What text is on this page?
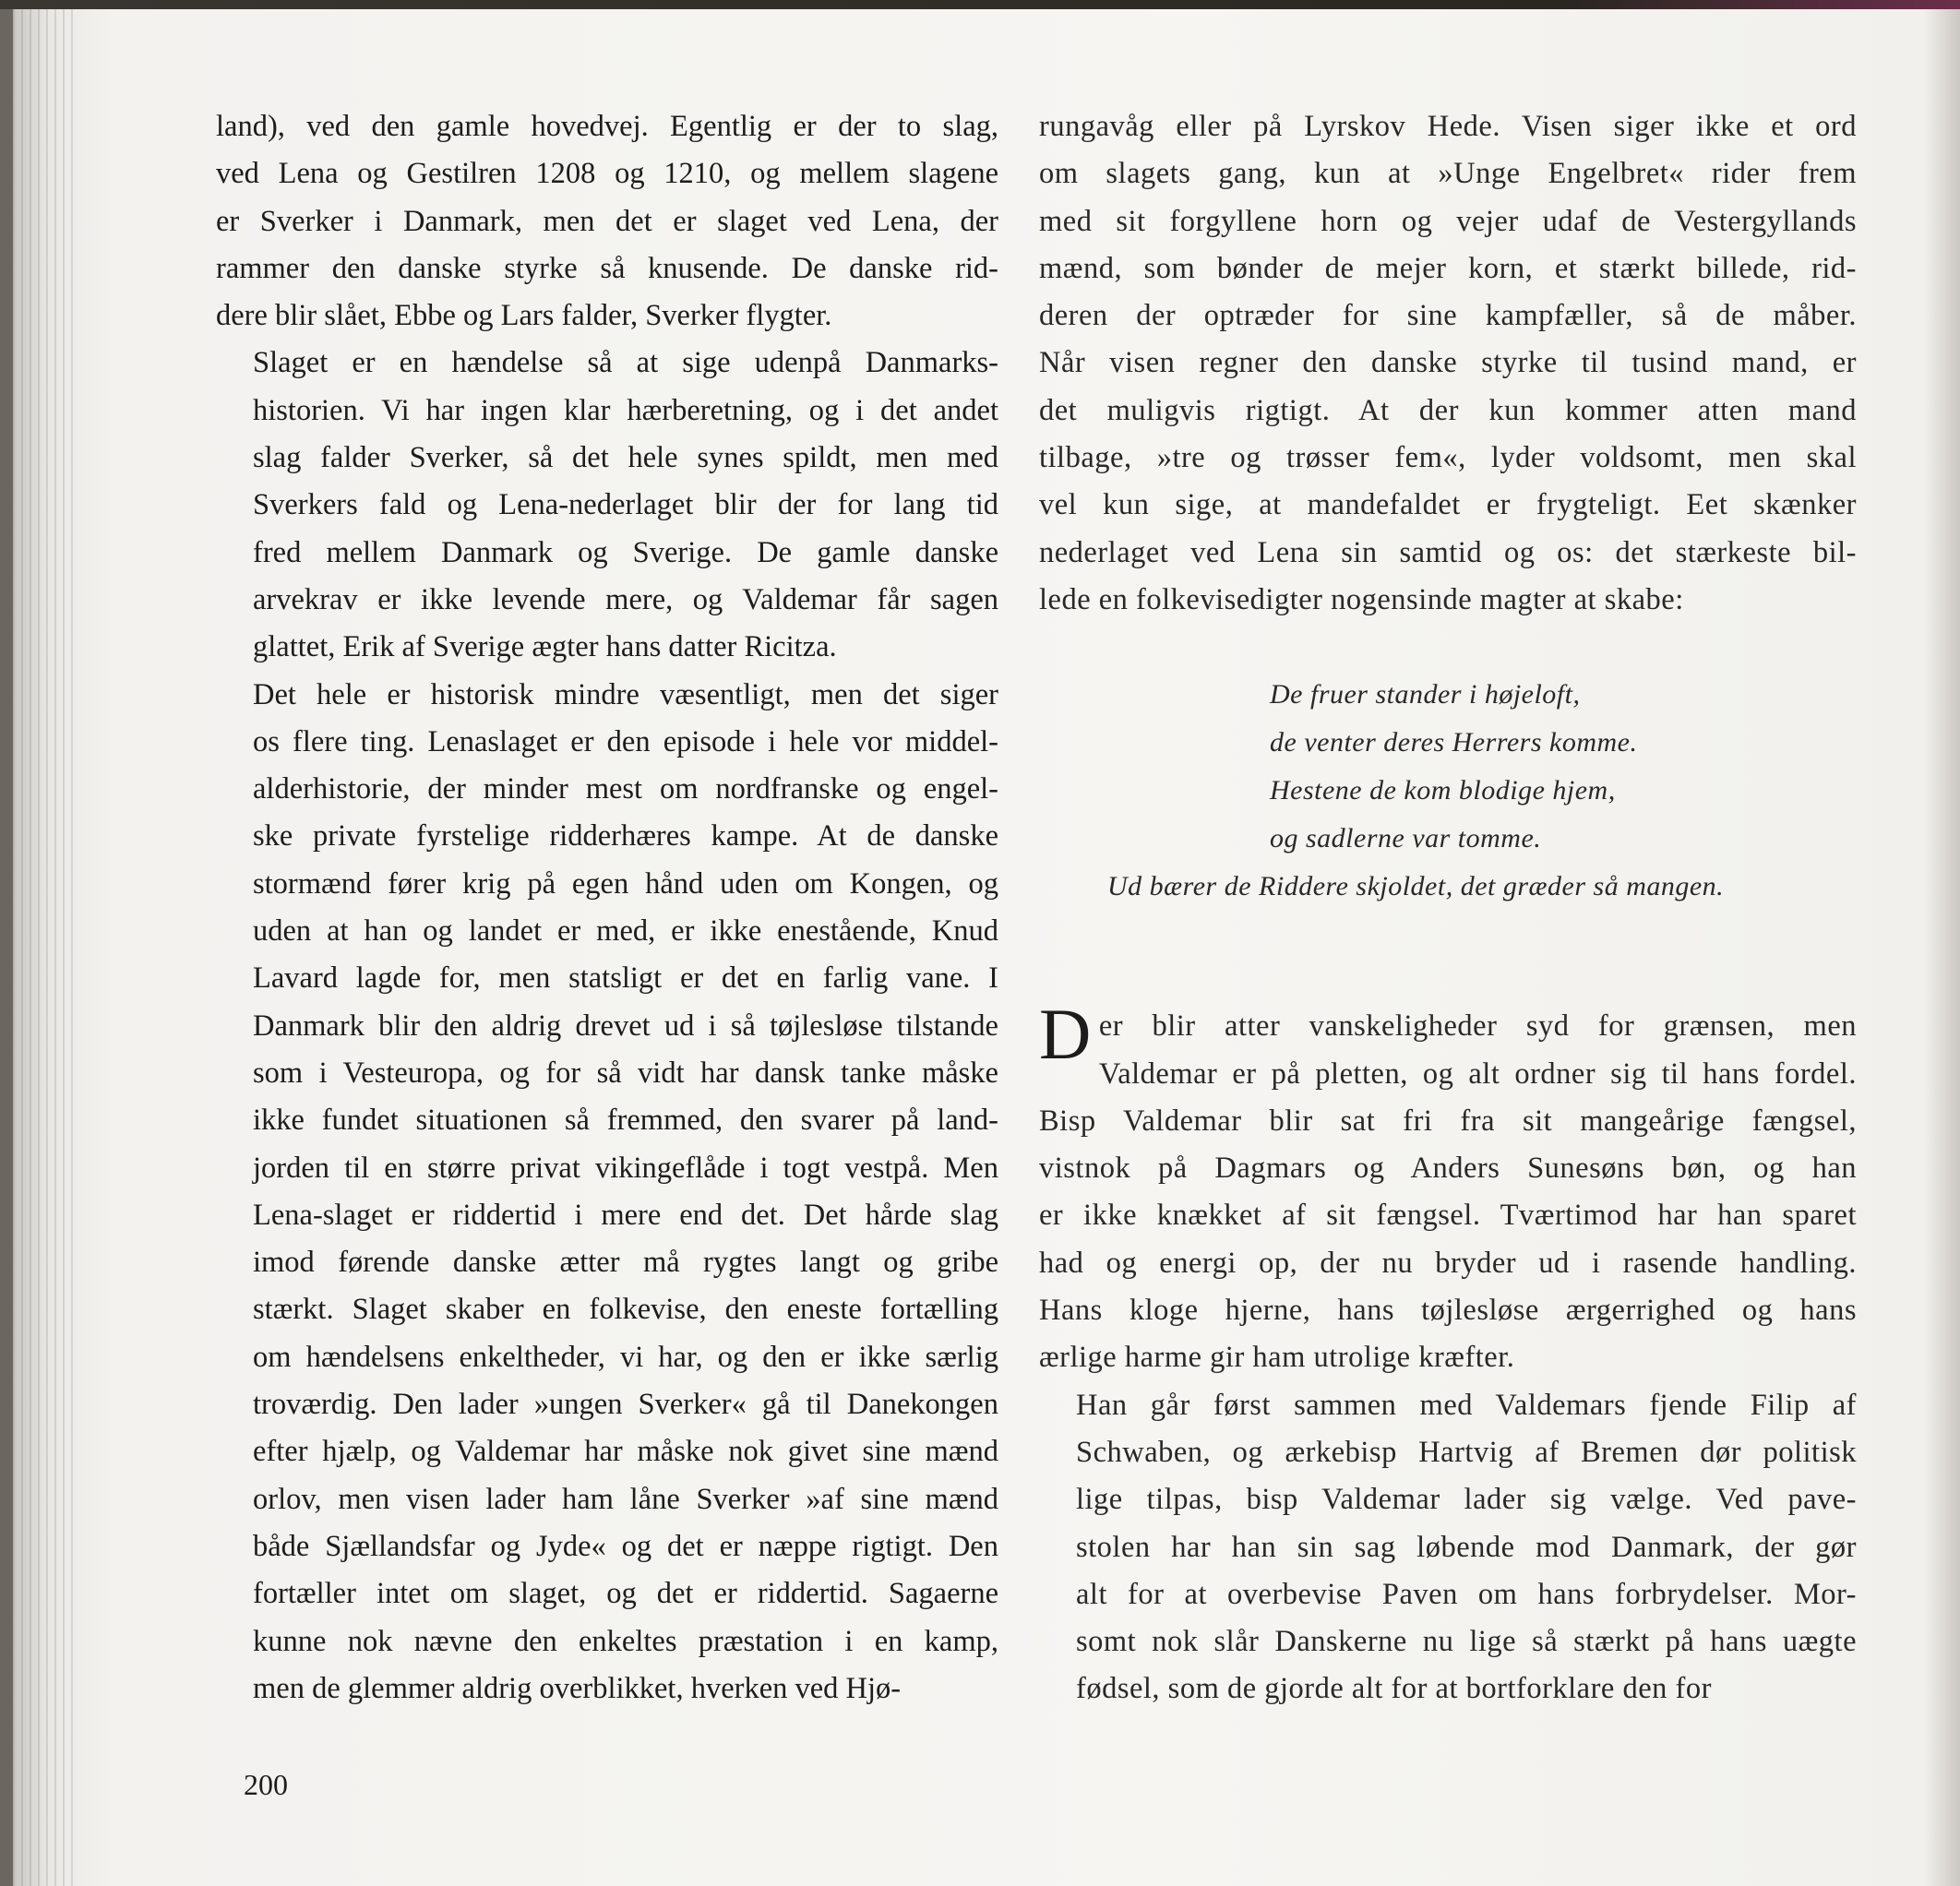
land), ved den gamle hovedvej. Egentlig er der to slag,
ved Lena og Gestilren 1208 og 1210, og mellem slagene
er Sverker i Danmark, men det er slaget ved Lena, der
rammer den danske styrke så knusende. De danske rid-
dere blir slået, Ebbe og Lars falder, Sverker flygter.

Slaget er en hændelse så at sige udenpå Danmarks-
historien. Vi har ingen klar hærberetning, og i det andet
slag falder Sverker, så det hele synes spildt, men med
Sverkers fald og Lena-nederlaget blir der for lang tid
fred mellem Danmark og Sverige. De gamle danske
arvekrav er ikke levende mere, og Valdemar får sagen
glattet, Erik af Sverige ægter hans datter Ricitza.

Det hele er historisk mindre væsentligt, men det siger
os flere ting. Lenaslaget er den episode i hele vor middel-
alderhistorie, der minder mest om nordfranske og engel-
ske private fyrstelige ridderhæres kampe. At de danske
stormænd fører krig på egen hånd uden om Kongen, og
uden at han og landet er med, er ikke enestående, Knud
Lavard lagde for, men statsligt er det en farlig vane. I
Danmark blir den aldrig drevet ud i så tøjlesløse tilstande
som i Vesteuropa, og for så vidt har dansk tanke måske
ikke fundet situationen så fremmed, den svarer på land-
jorden til en større privat vikingeflåde i togt vestpå. Men
Lena-slaget er riddertid i mere end det. Det hårde slag
imod førende danske ætter må rygtes langt og gribe
stærkt. Slaget skaber en folkevise, den eneste fortælling
om hændelsens enkeltheder, vi har, og den er ikke særlig
troværdig. Den lader »ungen Sverker« gå til Danekongen
efter hjælp, og Valdemar har måske nok givet sine mænd
orlov, men visen lader ham låne Sverker »af sine mænd
både Sjællandsfar og Jyde« og det er næppe rigtigt. Den
fortæller intet om slaget, og det er riddertid. Sagaerne
kunne nok nævne den enkeltes præstation i en kamp,
men de glemmer aldrig overblikket, hverken ved Hjø-

rungavåg eller på Lyrskov Hede. Visen siger ikke et ord
om slagets gang, kun at »Unge Engelbret« rider frem
med sit forgyllene horn og vejer udaf de Vestergyllands
mænd, som bønder de mejer korn, et stærkt billede, rid-
deren der optræder for sine kampfæller, så de måber.
Når visen regner den danske styrke til tusind mand, er
det muligvis rigtigt. At der kun kommer atten mand
tilbage, »tre og trøsser fem«, lyder voldsomt, men skal
vel kun sige, at mandefaldet er frygteligt. Eet skænker
nederlaget ved Lena sin samtid og os: det stærkeste bil-
lede en folkevisedigter nogensinde magter at skabe:

De fruer stander i højeloft,
de venter deres Herrers komme.
Hestene de kom blodige hjem,
og sadlerne var tomme.
Ud bærer de Riddere skjoldet, det græder så mangen.

D er blir atter vanskeligheder syd for grænsen, men
Valdemar er på pletten, og alt ordner sig til hans fordel.
Bisp Valdemar blir sat fri fra sit mangeårige fængsel,
vistnok på Dagmars og Anders Sunesøns bøn, og han
er ikke knækket af sit fængsel. Tværtimod har han sparet
had og energi op, der nu bryder ud i rasende handling.
Hans kloge hjerne, hans tøjlesløse ærgerrighed og hans
ærlige harme gir ham utrolige kræfter.

Han går først sammen med Valdemars fjende Filip af
Schwaben, og ærkebisp Hartvig af Bremen dør politisk
lige tilpas, bisp Valdemar lader sig vælge. Ved pave-
stolen har han sin sag løbende mod Danmark, der gør
alt for at overbevise Paven om hans forbrydelser. Mor-
somt nok slår Danskerne nu lige så stærkt på hans uægte
fødsel, som de gjorde alt for at bortforklare den for

200
